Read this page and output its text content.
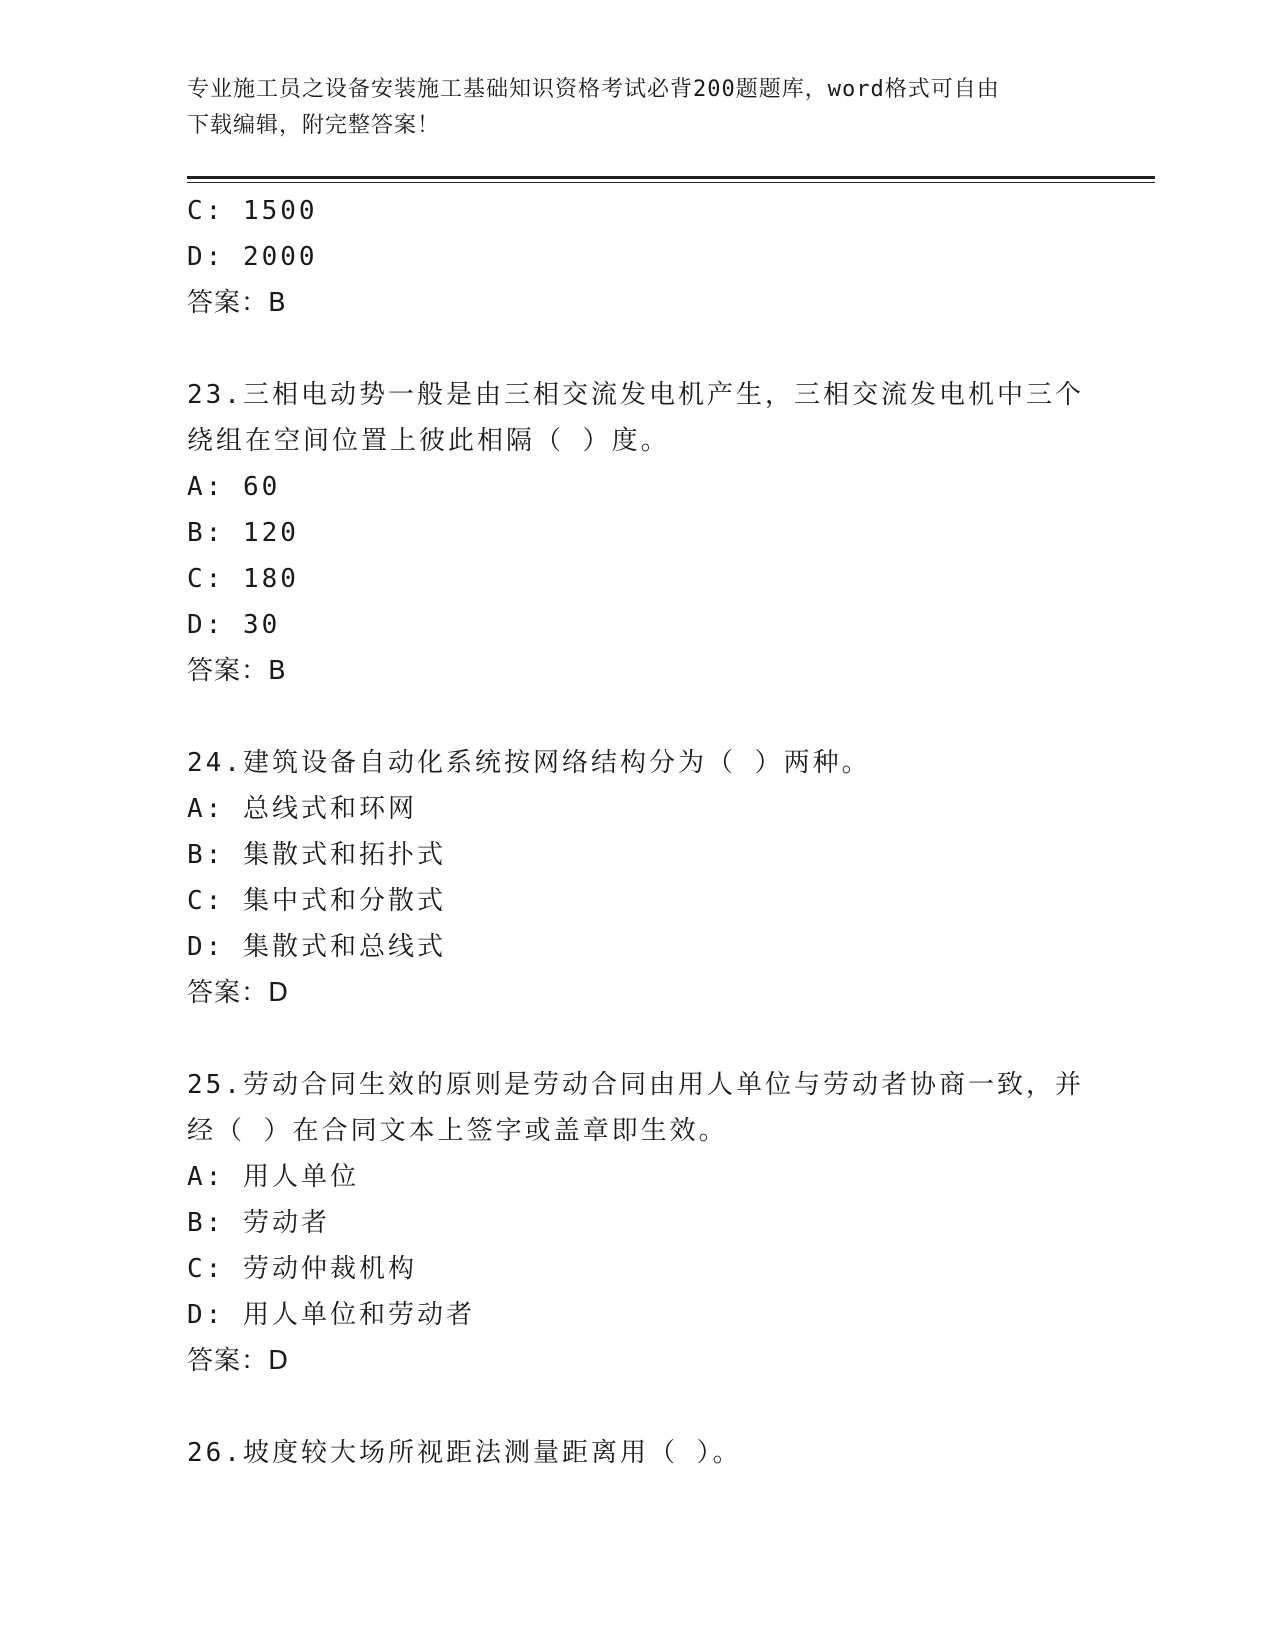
专业施工员之设备安装施工基础知识资格考试必背200题题库，word格式可自由
下载编辑，附完整答案！
C: 1500
D: 2000
答案：B
23.三相电动势一般是由三相交流发电机产生，三相交流发电机中三个
绕组在空间位置上彼此相隔（ ）度。
A: 60
B: 120
C: 180
D: 30
答案：B
24.建筑设备自动化系统按网络结构分为（ ）两种。
A: 总线式和环网
B: 集散式和拓扑式
C: 集中式和分散式
D: 集散式和总线式
答案：D
25.劳动合同生效的原则是劳动合同由用人单位与劳动者协商一致，并
经（ ）在合同文本上签字或盖章即生效。
A: 用人单位
B: 劳动者
C: 劳动仲裁机构
D: 用人单位和劳动者
答案：D
26.坡度较大场所视距法测量距离用（ ）。
